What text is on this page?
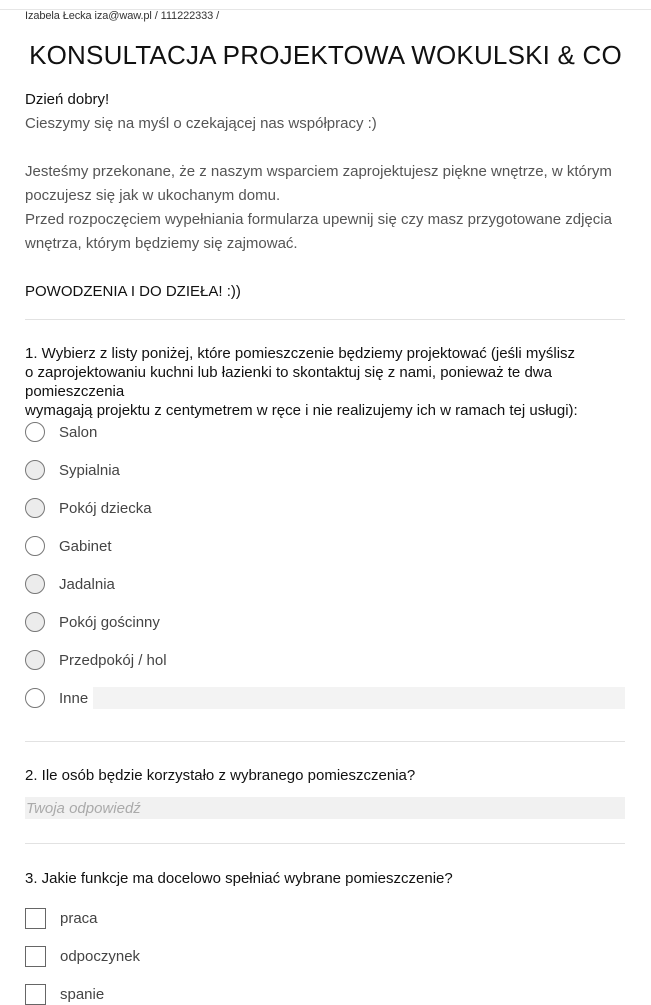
Izabela Łecka iza@waw.pl / 111222333 /
KONSULTACJA PROJEKTOWA WOKULSKI & CO

Dzień dobry!

Cieszymy się na myśl o czekającej nas współpracy :)

Jesteśmy przekonane, że z naszym wsparciem zaprojektujesz piękne wnętrze, w którym

poczujesz się jak w ukochanym domu.

Przed rozpoczęciem wypełniania formularza upewnij się czy masz przygotowane zdjęcia

wnętrza, którym będziemy się zajmować.

POWODZENIA I DO DZIEŁA! :))

1. Wybierz z listy poniżej, które pomieszczenie będziemy projektować (jeśli myślisz
o zaprojektowaniu kuchni lub łazienki to skontaktuj się z nami, ponieważ te dwa pomieszczenia
wymagają projektu z centymetrem w ręce i nie realizujemy ich w ramach tej usługi):
Salon
Sypialnia
Pokój dziecka
Gabinet
Jadalnia
Pokój gościnny
Przedpokój / hol
Inne
2. Ile osób będzie korzystało z wybranego pomieszczenia?
Twoja odpowiedź
3. Jakie funkcje ma docelowo spełniać wybrane pomieszczenie?
praca
odpoczynek
spanie
